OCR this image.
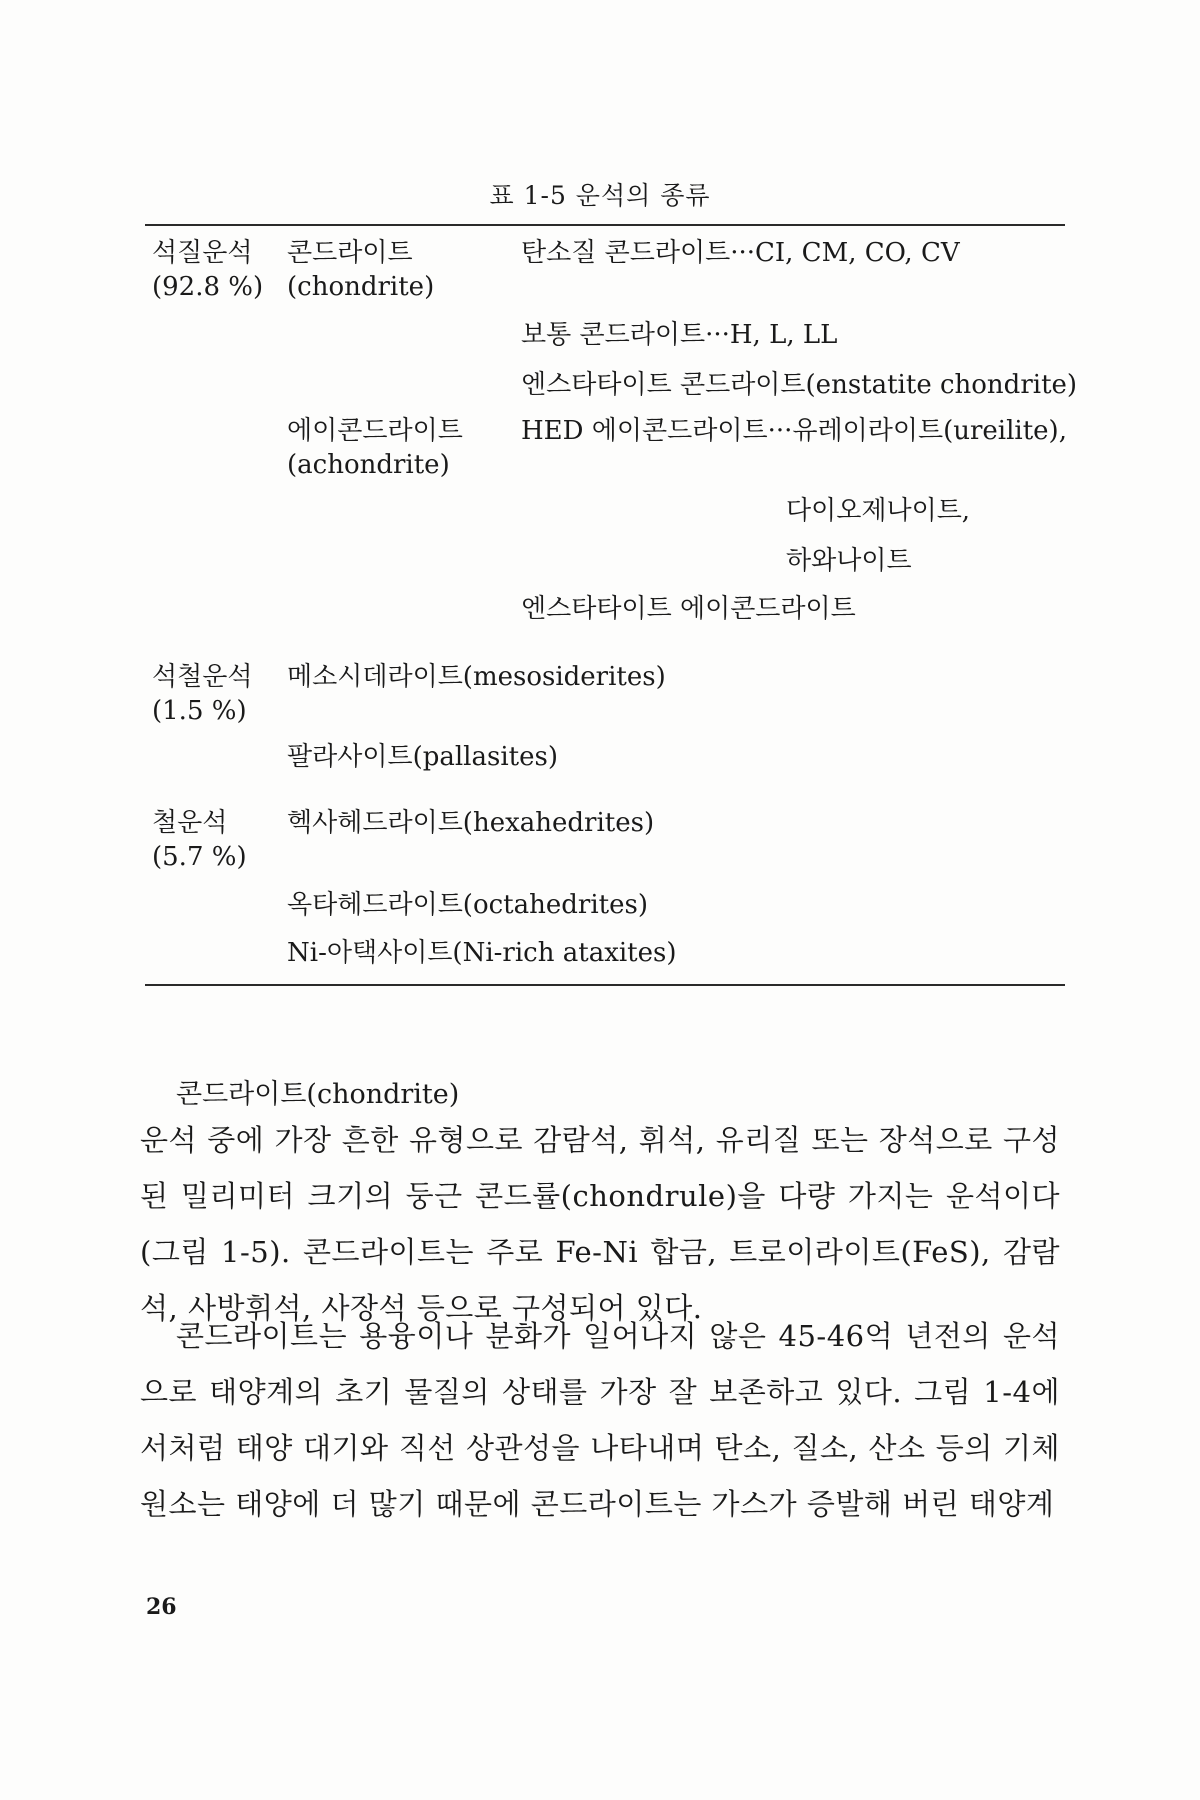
표 1-5 운석의 종류
석질운석
(92.8 %)
콘드라이트
(chondrite)
탄소질 콘드라이트···CI, CM, CO, CV
보통 콘드라이트···H, L, LL
엔스타타이트 콘드라이트(enstatite chondrite)
에이콘드라이트
(achondrite)
HED 에이콘드라이트···유레이라이트(ureilite),
다이오제나이트,
하와나이트
엔스타타이트 에이콘드라이트
석철운석
(1.5 %)
메소시데라이트(mesosiderites)
팔라사이트(pallasites)
철운석
(5.7 %)
헥사헤드라이트(hexahedrites)
옥타헤드라이트(octahedrites)
Ni-아택사이트(Ni-rich ataxites)
콘드라이트(chondrite)

운석 중에 가장 흔한 유형으로 감람석, 휘석, 유리질 또는 장석으로 구성된 밀리미터 크기의 둥근 콘드률(chondrule)을 다량 가지는 운석이다(그림 1-5). 콘드라이트는 주로 Fe-Ni 합금, 트로이라이트(FeS), 감람석, 사방휘석, 사장석 등으로 구성되어 있다.

콘드라이트는 용융이나 분화가 일어나지 않은 45-46억 년전의 운석으로 태양계의 초기 물질의 상태를 가장 잘 보존하고 있다. 그림 1-4에서처럼 태양 대기와 직선 상관성을 나타내며 탄소, 질소, 산소 등의 기체원소는 태양에 더 많기 때문에 콘드라이트는 가스가 증발해 버린 태양계

26
